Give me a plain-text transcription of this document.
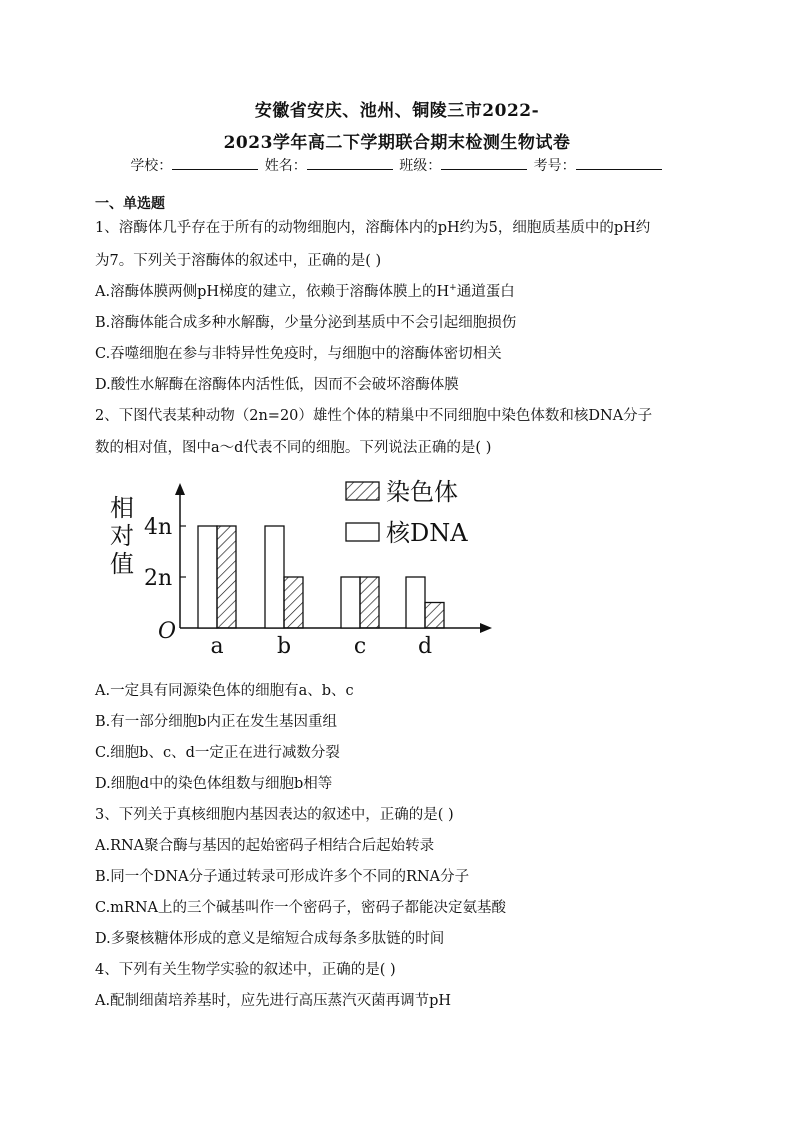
安徽省安庆、池州、铜陵三市2022-
2023学年高二下学期联合期末检测生物试卷
学校：	姓名：	班级：	考号：
一、单选题
1、溶酶体几乎存在于所有的动物细胞内，溶酶体内的pH约为5，细胞质基质中的pH约
为7。下列关于溶酶体的叙述中，正确的是( )
A.溶酶体膜两侧pH梯度的建立，依赖于溶酶体膜上的H+通道蛋白
B.溶酶体能合成多种水解酶，少量分泌到基质中不会引起细胞损伤
C.吞噬细胞在参与非特异性免疫时，与细胞中的溶酶体密切相关
D.酸性水解酶在溶酶体内活性低，因而不会破坏溶酶体膜
2、下图代表某种动物（2n=20）雄性个体的精巢中不同细胞中染色体数和核DNA分子
数的相对值，图中a～d代表不同的细胞。下列说法正确的是( )
相
对
值
2n
4n
O
a b	c d
染色体
核DNA
A.一定具有同源染色体的细胞有a、b、c
B.有一部分细胞b内正在发生基因重组
C.细胞b、c、d一定正在进行减数分裂
D.细胞d中的染色体组数与细胞b相等
3、下列关于真核细胞内基因表达的叙述中，正确的是( )
A.RNA聚合酶与基因的起始密码子相结合后起始转录
B.同一个DNA分子通过转录可形成许多个不同的RNA分子
C.mRNA上的三个碱基叫作一个密码子，密码子都能决定氨基酸
D.多聚核糖体形成的意义是缩短合成每条多肽链的时间
4、下列有关生物学实验的叙述中，正确的是( )
A.配制细菌培养基时，应先进行高压蒸汽灭菌再调节pH
